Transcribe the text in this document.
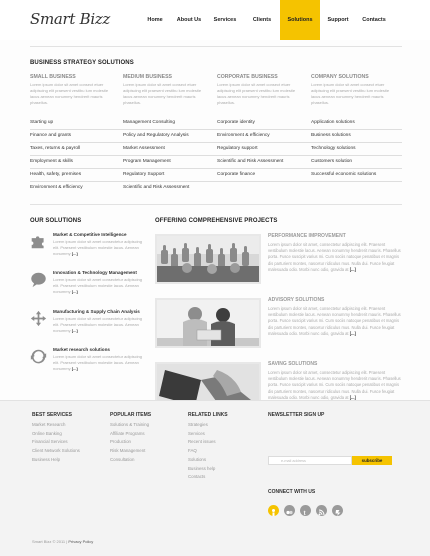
Smart Bizz	Home	About Us	Services	Clients	Solutions	Support	Contacts
BUSINESS STRATEGY SOLUTIONS
SMALL BUSINESS
Lorem ipsum dolor sit amet consect etuer adipiscing elit praesent vestibu lum molestie lacus aenean nonummy hendrerit mauris phasellus.
MEDIUM BUSINESS
Lorem ipsum dolor sit amet consect etuer adipiscing elit praesent vestibu lum molestie lacus aenean nonummy hendrerit mauris phasellus.
CORPORATE BUSINESS
Lorem ipsum dolor sit amet consect etuer adipiscing elit praesent vestibu lum molestie lacus aenean nonummy hendrerit mauris phasellus.
COMPANY SOLUTIONS
Lorem ipsum dolor sit amet consect etuer adipiscing elit praesent vestibu lum molestie lacus aenean nonummy hendrerit mauris phasellus.
Starting up	Management Consulting	Corporate identity	Application solutions
Finance and grants	Policy and Regulatory Analysis	Environment & efficiency	Business solutions
Taxes, returns & payroll	Market Assessment	Regulatory support	Technology solutions
Employment & skills	Program Management	Scientific and Risk Assessment	Customers solution
Health, safety, premises	Regulatory Support	Corporate finance	Successful economic solutions
Environment & efficiency	Scientific and Risk Assessment
OUR SOLUTIONS
Market & Competitive Intelligence
Lorem ipsum dolor sit amet consectetur adipiscing elit. Praesent vestibulum molestie lacus. Aenean nonummy [...]
Innovation & Technology Management
Lorem ipsum dolor sit amet consectetur adipiscing elit. Praesent vestibulum molestie lacus. Aenean nonummy [...]
Manufacturing & Supply Chain Analysis
Lorem ipsum dolor sit amet consectetur adipiscing elit. Praesent vestibulum molestie lacus. Aenean nonummy [...]
Market research solutions
Lorem ipsum dolor sit amet consectetur adipiscing elit. Praesent vestibulum molestie lacus. Aenean nonummy [...]
OFFERING COMPREHENSIVE PROJECTS
PERFORMANCE IMPROVEMENT
Lorem ipsum dolor sit amet, consectetur adipiscing elit. Praesent vestibulum molestie lacus. Aenean nonummy hendrerit mauris. Phasellus porta. Fusce suscipit varius mi. Cum sociis natoque penatibus et magnis dis parturient montes, nascetur ridiculus mus. Nulla dui. Fusce feugiat malesuada odio. Morbi nunc odio, gravida at [...]
ADVISORY SOLUTIONS
Lorem ipsum dolor sit amet, consectetur adipiscing elit. Praesent vestibulum molestie lacus. Aenean nonummy hendrerit mauris. Phasellus porta. Fusce suscipit varius mi. Cum sociis natoque penatibus et magnis dis parturient montes, nascetur ridiculus mus. Nulla dui. Fusce feugiat malesuada odio. Morbi nunc odio, gravida at [...]
SAVING SOLUTIONS
Lorem ipsum dolor sit amet, consectetur adipiscing elit. Praesent vestibulum molestie lacus. Aenean nonummy hendrerit mauris. Phasellus porta. Fusce suscipit varius mi. Cum sociis natoque penatibus et magnis dis parturient montes, nascetur ridiculus mus. Nulla dui. Fusce feugiat malesuada odio. Morbi nunc odio, gravida at [...]
BEST SERVICES
Market Research
Online Banking
Financial Services
Client Network Solutions
Business Help
POPULAR ITEMS
Solutions & Training
Affiliate Programs
Production
Risk Management
Consultation
RELATED LINKS
Strategies
Services
Recent issues
FAQ
Solutions
Business help
Contacts
NEWSLETTER SIGN UP
e-mail address	subscribe
CONNECT WITH US
t
Smart Bizz © 2011 | Privacy Policy
